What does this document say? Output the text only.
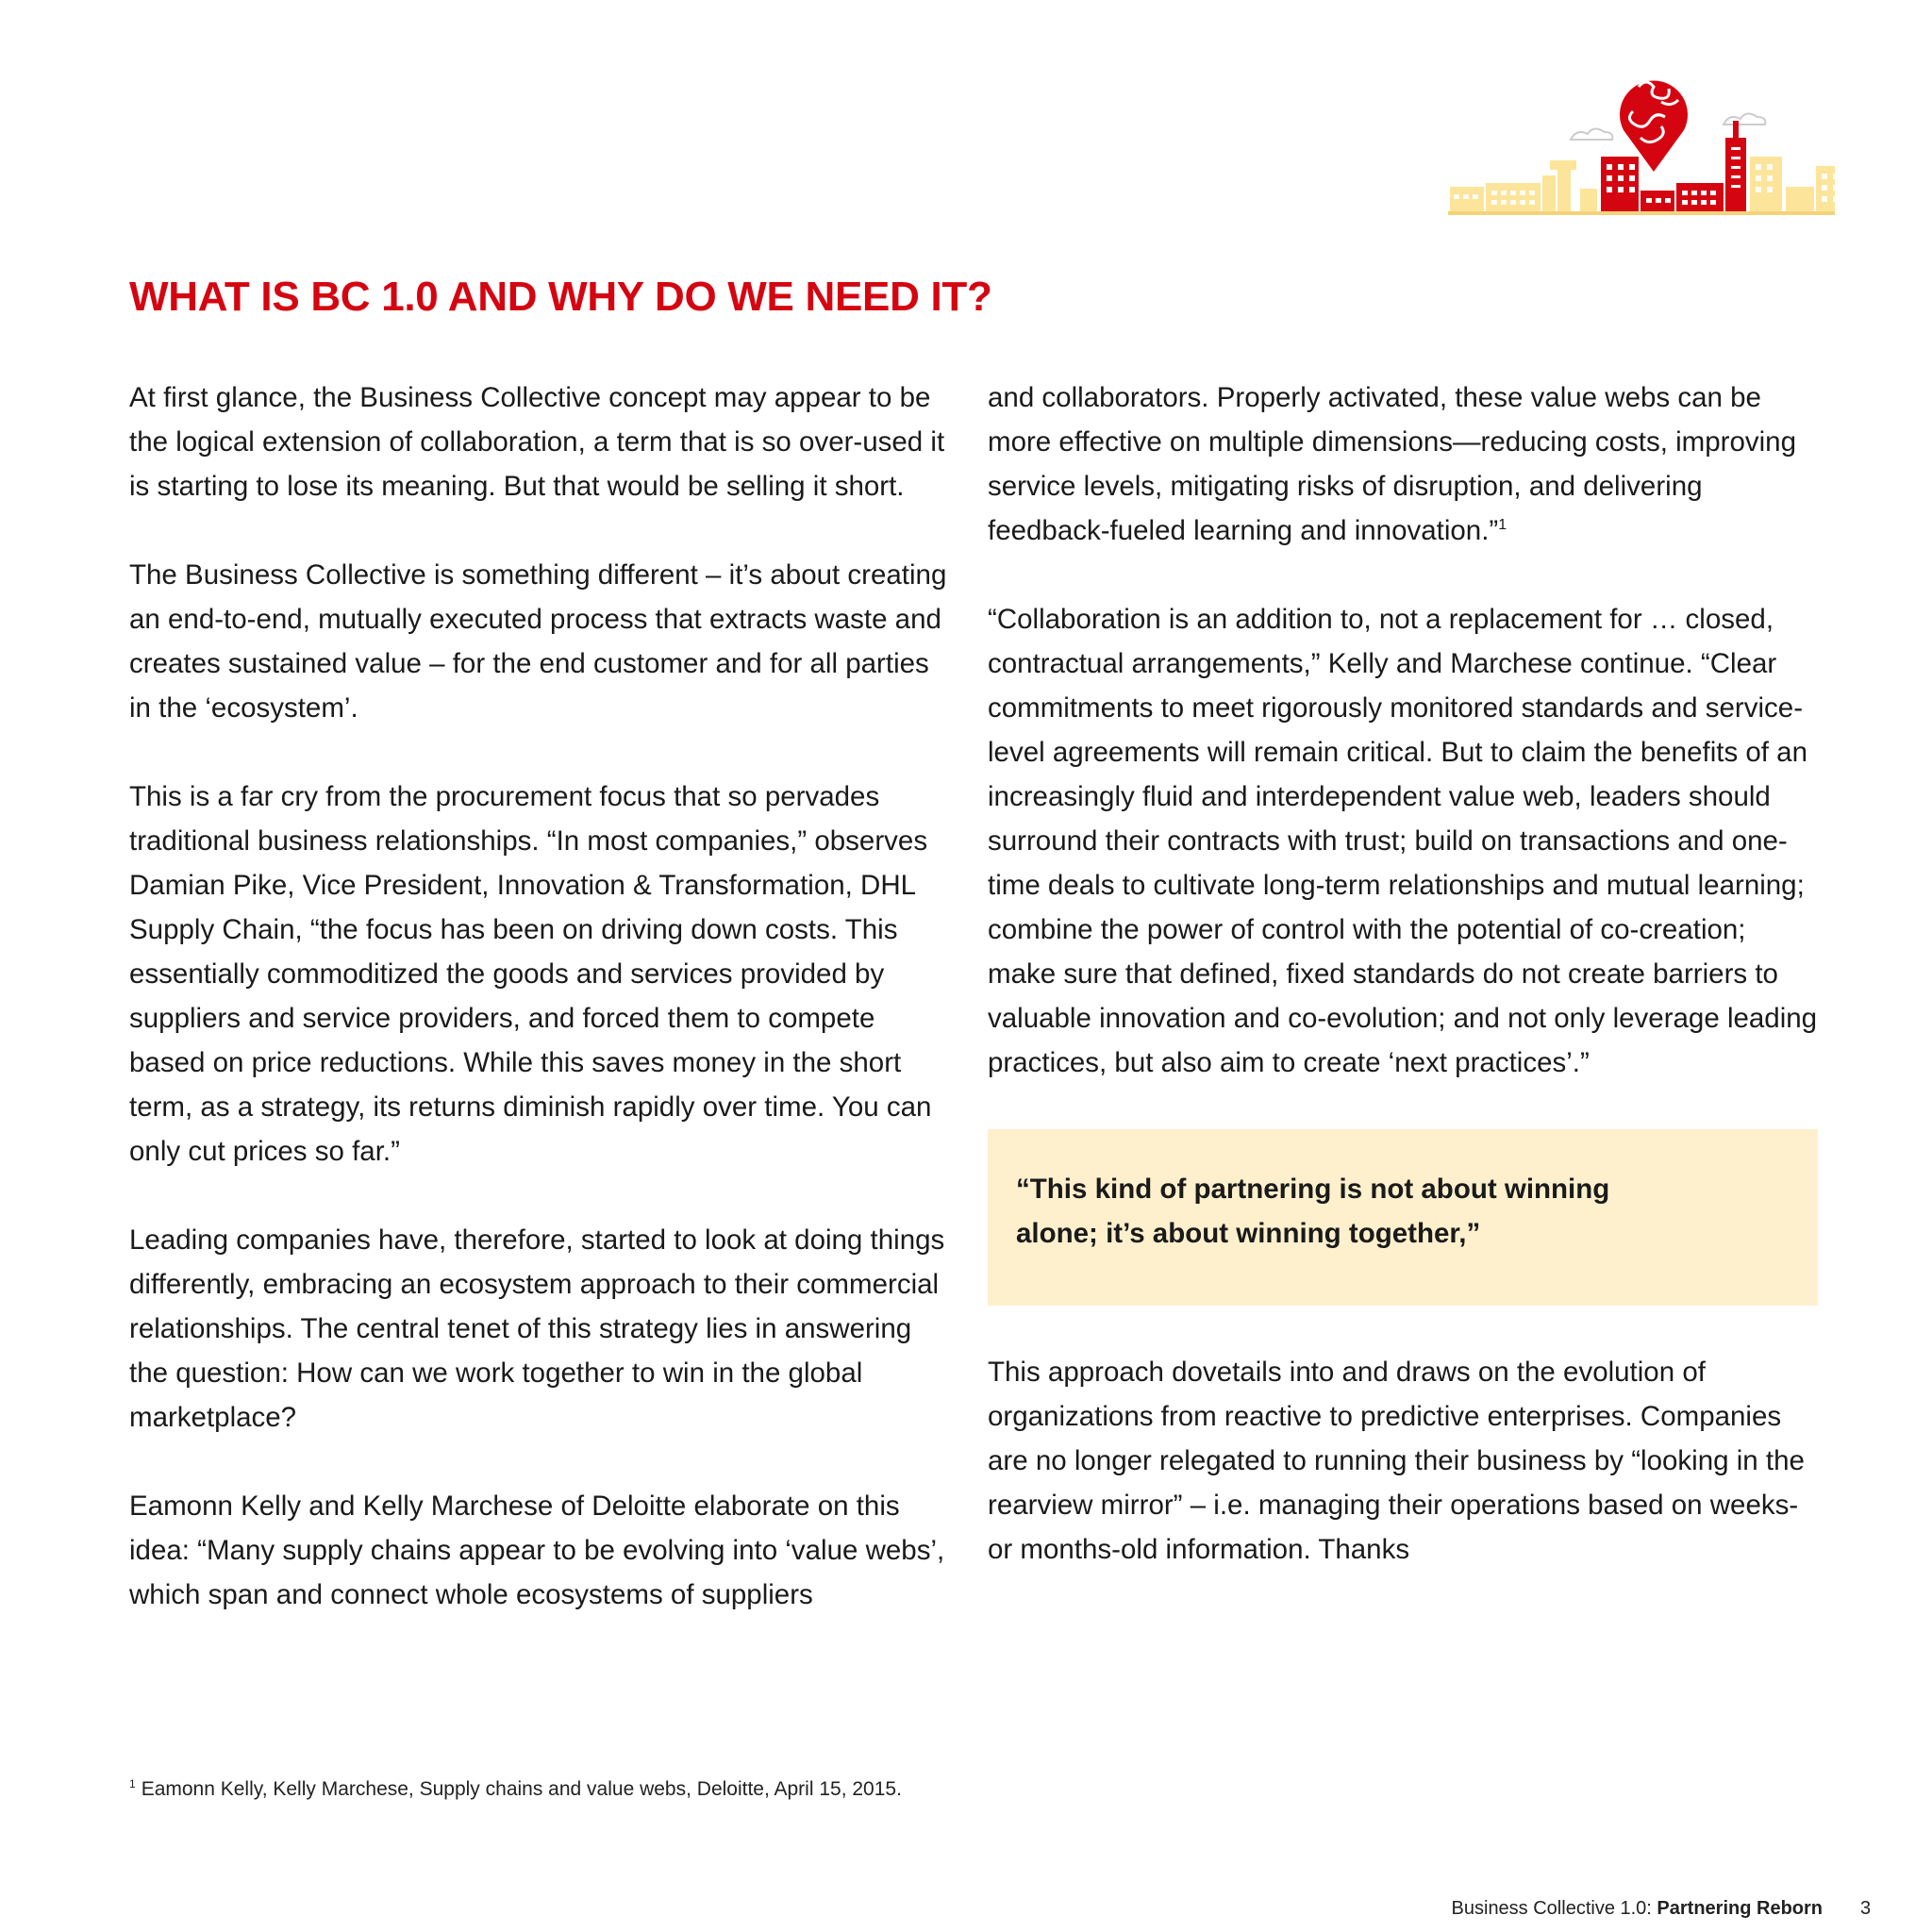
WHAT IS BC 1.0 AND WHY DO WE NEED IT?

At first glance, the Business Collective concept may appear to be the logical extension of collaboration, a term that is so over-used it is starting to lose its meaning. But that would be selling it short.

The Business Collective is something different – it’s about creating an end-to-end, mutually executed process that extracts waste and creates sustained value – for the end customer and for all parties in the ‘ecosystem’.

This is a far cry from the procurement focus that so pervades traditional business relationships. “In most companies,” observes Damian Pike, Vice President, Innovation & Transformation, DHL Supply Chain, “the focus has been on driving down costs. This essentially commoditized the goods and services provided by suppliers and service providers, and forced them to compete based on price reductions. While this saves money in the short term, as a strategy, its returns diminish rapidly over time. You can only cut prices so far.”

Leading companies have, therefore, started to look at doing things differently, embracing an ecosystem approach to their commercial relationships. The central tenet of this strategy lies in answering the question: How can we work together to win in the global marketplace?

Eamonn Kelly and Kelly Marchese of Deloitte elaborate on this idea: “Many supply chains appear to be evolving into ‘value webs’, which span and connect whole ecosystems of suppliers

and collaborators. Properly activated, these value webs can be more effective on multiple dimensions—reducing costs, improving service levels, mitigating risks of disruption, and delivering feedback-fueled learning and innovation.”$^1$

“Collaboration is an addition to, not a replacement for … closed, contractual arrangements,” Kelly and Marchese continue. “Clear commitments to meet rigorously monitored standards and service-level agreements will remain critical. But to claim the benefits of an increasingly fluid and interdependent value web, leaders should surround their contracts with trust; build on transactions and one-time deals to cultivate long-term relationships and mutual learning; combine the power of control with the potential of co-creation; make sure that defined, fixed standards do not create barriers to valuable innovation and co-evolution; and not only leverage leading practices, but also aim to create ‘next practices’.”

“This kind of partnering is not about winning alone; it’s about winning together,”

This approach dovetails into and draws on the evolution of organizations from reactive to predictive enterprises. Companies are no longer relegated to running their business by “looking in the rearview mirror” – i.e. managing their operations based on weeks- or months-old information. Thanks

$^1$ Eamonn Kelly, Kelly Marchese, Supply chains and value webs, Deloitte, April 15, 2015.
Business Collective 1.0: Partnering Reborn 3
